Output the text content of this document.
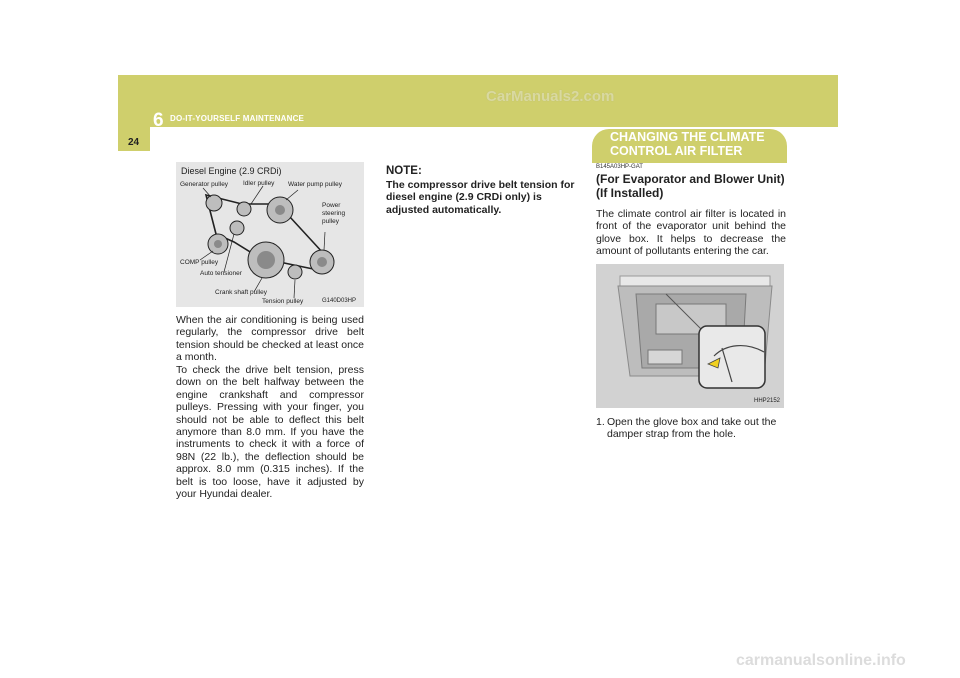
CarManuals2.com
6 DO-IT-YOURSELF MAINTENANCE
24
Diesel Engine (2.9 CRDi)
Generator pulley Idler pulley Water pump pulley
Power steering pulley
COMP pulley
Auto tensioner
Crank shaft pulley
Tension pulley	G140D03HP
When the air conditioning is being used regularly, the compressor drive belt tension should be checked at least once a month.
To check the drive belt tension, press down on the belt halfway between the engine crankshaft and compressor pulleys. Pressing with your finger, you should not be able to deflect this belt anymore than 8.0 mm. If you have the instruments to check it with a force of 98N (22 lb.), the deflection should be approx. 8.0 mm (0.315 inches). If the belt is too loose, have it adjusted by your Hyundai dealer.
NOTE:
The compressor drive belt tension for diesel engine (2.9 CRDi only) is adjusted automatically.
CHANGING THE CLIMATE CONTROL AIR FILTER
B145A03HP-GAT
(For Evaporator and Blower Unit) (If Installed)
The climate control air filter is located in front of the evaporator unit behind the glove box. It helps to decrease the amount of pollutants entering the car.
HHP2152
1. Open the glove box and take out the damper strap from the hole.
carmanualsonline.info
